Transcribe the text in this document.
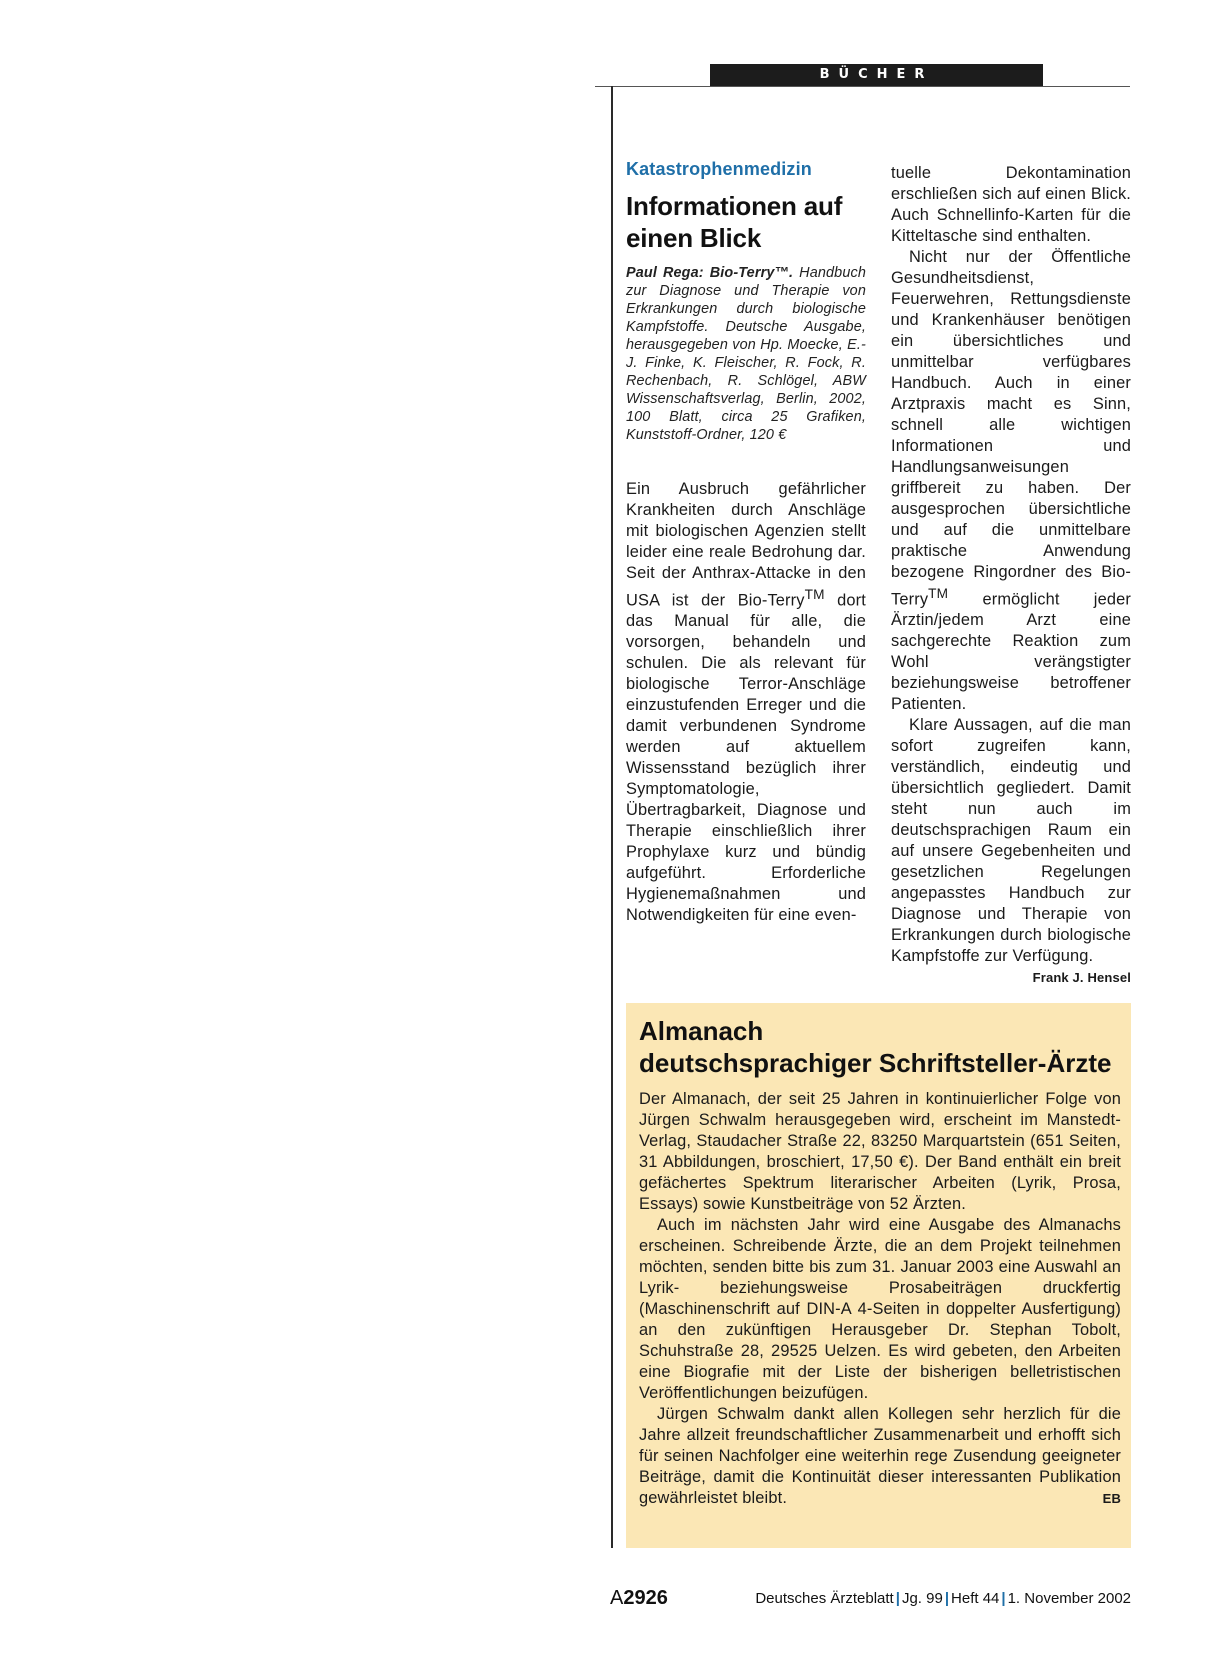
BÜCHER
Katastrophenmedizin
Informationen auf einen Blick
Paul Rega: Bio-Terry™. Handbuch zur Diagnose und Therapie von Erkrankungen durch biologische Kampfstoffe. Deutsche Ausgabe, herausgegeben von Hp. Moecke, E.-J. Finke, K. Fleischer, R. Fock, R. Rechenbach, R. Schlögel, ABW Wissenschaftsverlag, Berlin, 2002, 100 Blatt, circa 25 Grafiken, Kunststoff-Ordner, 120 €

Ein Ausbruch gefährlicher Krankheiten durch Anschläge mit biologischen Agenzien stellt leider eine reale Bedrohung dar. Seit der Anthrax-Attacke in den USA ist der Bio-Terry™ dort das Manual für alle, die vorsorgen, behandeln und schulen. Die als relevant für biologische Terror-Anschläge einzustufenden Erreger und die damit verbundenen Syndrome werden auf aktuellem Wissensstand bezüglich ihrer Symptomatologie, Übertragbarkeit, Diagnose und Therapie einschließlich ihrer Prophylaxe kurz und bündig aufgeführt. Erforderliche Hygienemaßnahmen und Notwendigkeiten für eine even-

tuelle Dekontamination erschließen sich auf einen Blick. Auch Schnellinfo-Karten für die Kitteltasche sind enthalten.

Nicht nur der Öffentliche Gesundheitsdienst, Feuerwehren, Rettungsdienste und Krankenhäuser benötigen ein übersichtliches und unmittelbar verfügbares Handbuch. Auch in einer Arztpraxis macht es Sinn, schnell alle wichtigen Informationen und Handlungsanweisungen griffbereit zu haben. Der ausgesprochen übersichtliche und auf die unmittelbare praktische Anwendung bezogene Ringordner des Bio-Terry™ ermöglicht jeder Ärztin/jedem Arzt eine sachgerechte Reaktion zum Wohl verängstigter beziehungsweise betroffener Patienten.

Klare Aussagen, auf die man sofort zugreifen kann, verständlich, eindeutig und übersichtlich gegliedert. Damit steht nun auch im deutschsprachigen Raum ein auf unsere Gegebenheiten und gesetzlichen Regelungen angepasstes Handbuch zur Diagnose und Therapie von Erkrankungen durch biologische Kampfstoffe zur Verfügung.
Frank J. Hensel

Almanach
deutschsprachiger Schriftsteller-Ärzte

Der Almanach, der seit 25 Jahren in kontinuierlicher Folge von Jürgen Schwalm herausgegeben wird, erscheint im Manstedt-Verlag, Staudacher Straße 22, 83250 Marquartstein (651 Seiten, 31 Abbildungen, broschiert, 17,50 €). Der Band enthält ein breit gefächertes Spektrum literarischer Arbeiten (Lyrik, Prosa, Essays) sowie Kunstbeiträge von 52 Ärzten.

Auch im nächsten Jahr wird eine Ausgabe des Almanachs erscheinen. Schreibende Ärzte, die an dem Projekt teilnehmen möchten, senden bitte bis zum 31. Januar 2003 eine Auswahl an Lyrik- beziehungsweise Prosabeiträgen druckfertig (Maschinenschrift auf DIN-A 4-Seiten in doppelter Ausfertigung) an den zukünftigen Herausgeber Dr. Stephan Tobolt, Schuhstraße 28, 29525 Uelzen. Es wird gebeten, den Arbeiten eine Biografie mit der Liste der bisherigen belletristischen Veröffentlichungen beizufügen.

Jürgen Schwalm dankt allen Kollegen sehr herzlich für die Jahre allzeit freundschaftlicher Zusammenarbeit und erhofft sich für seinen Nachfolger eine weiterhin rege Zusendung geeigneter Beiträge, damit die Kontinuität dieser interessanten Publikation gewährleistet bleibt.	EB

A2926	Deutsches Ärzteblatt | Jg. 99 | Heft 44 | 1. November 2002
